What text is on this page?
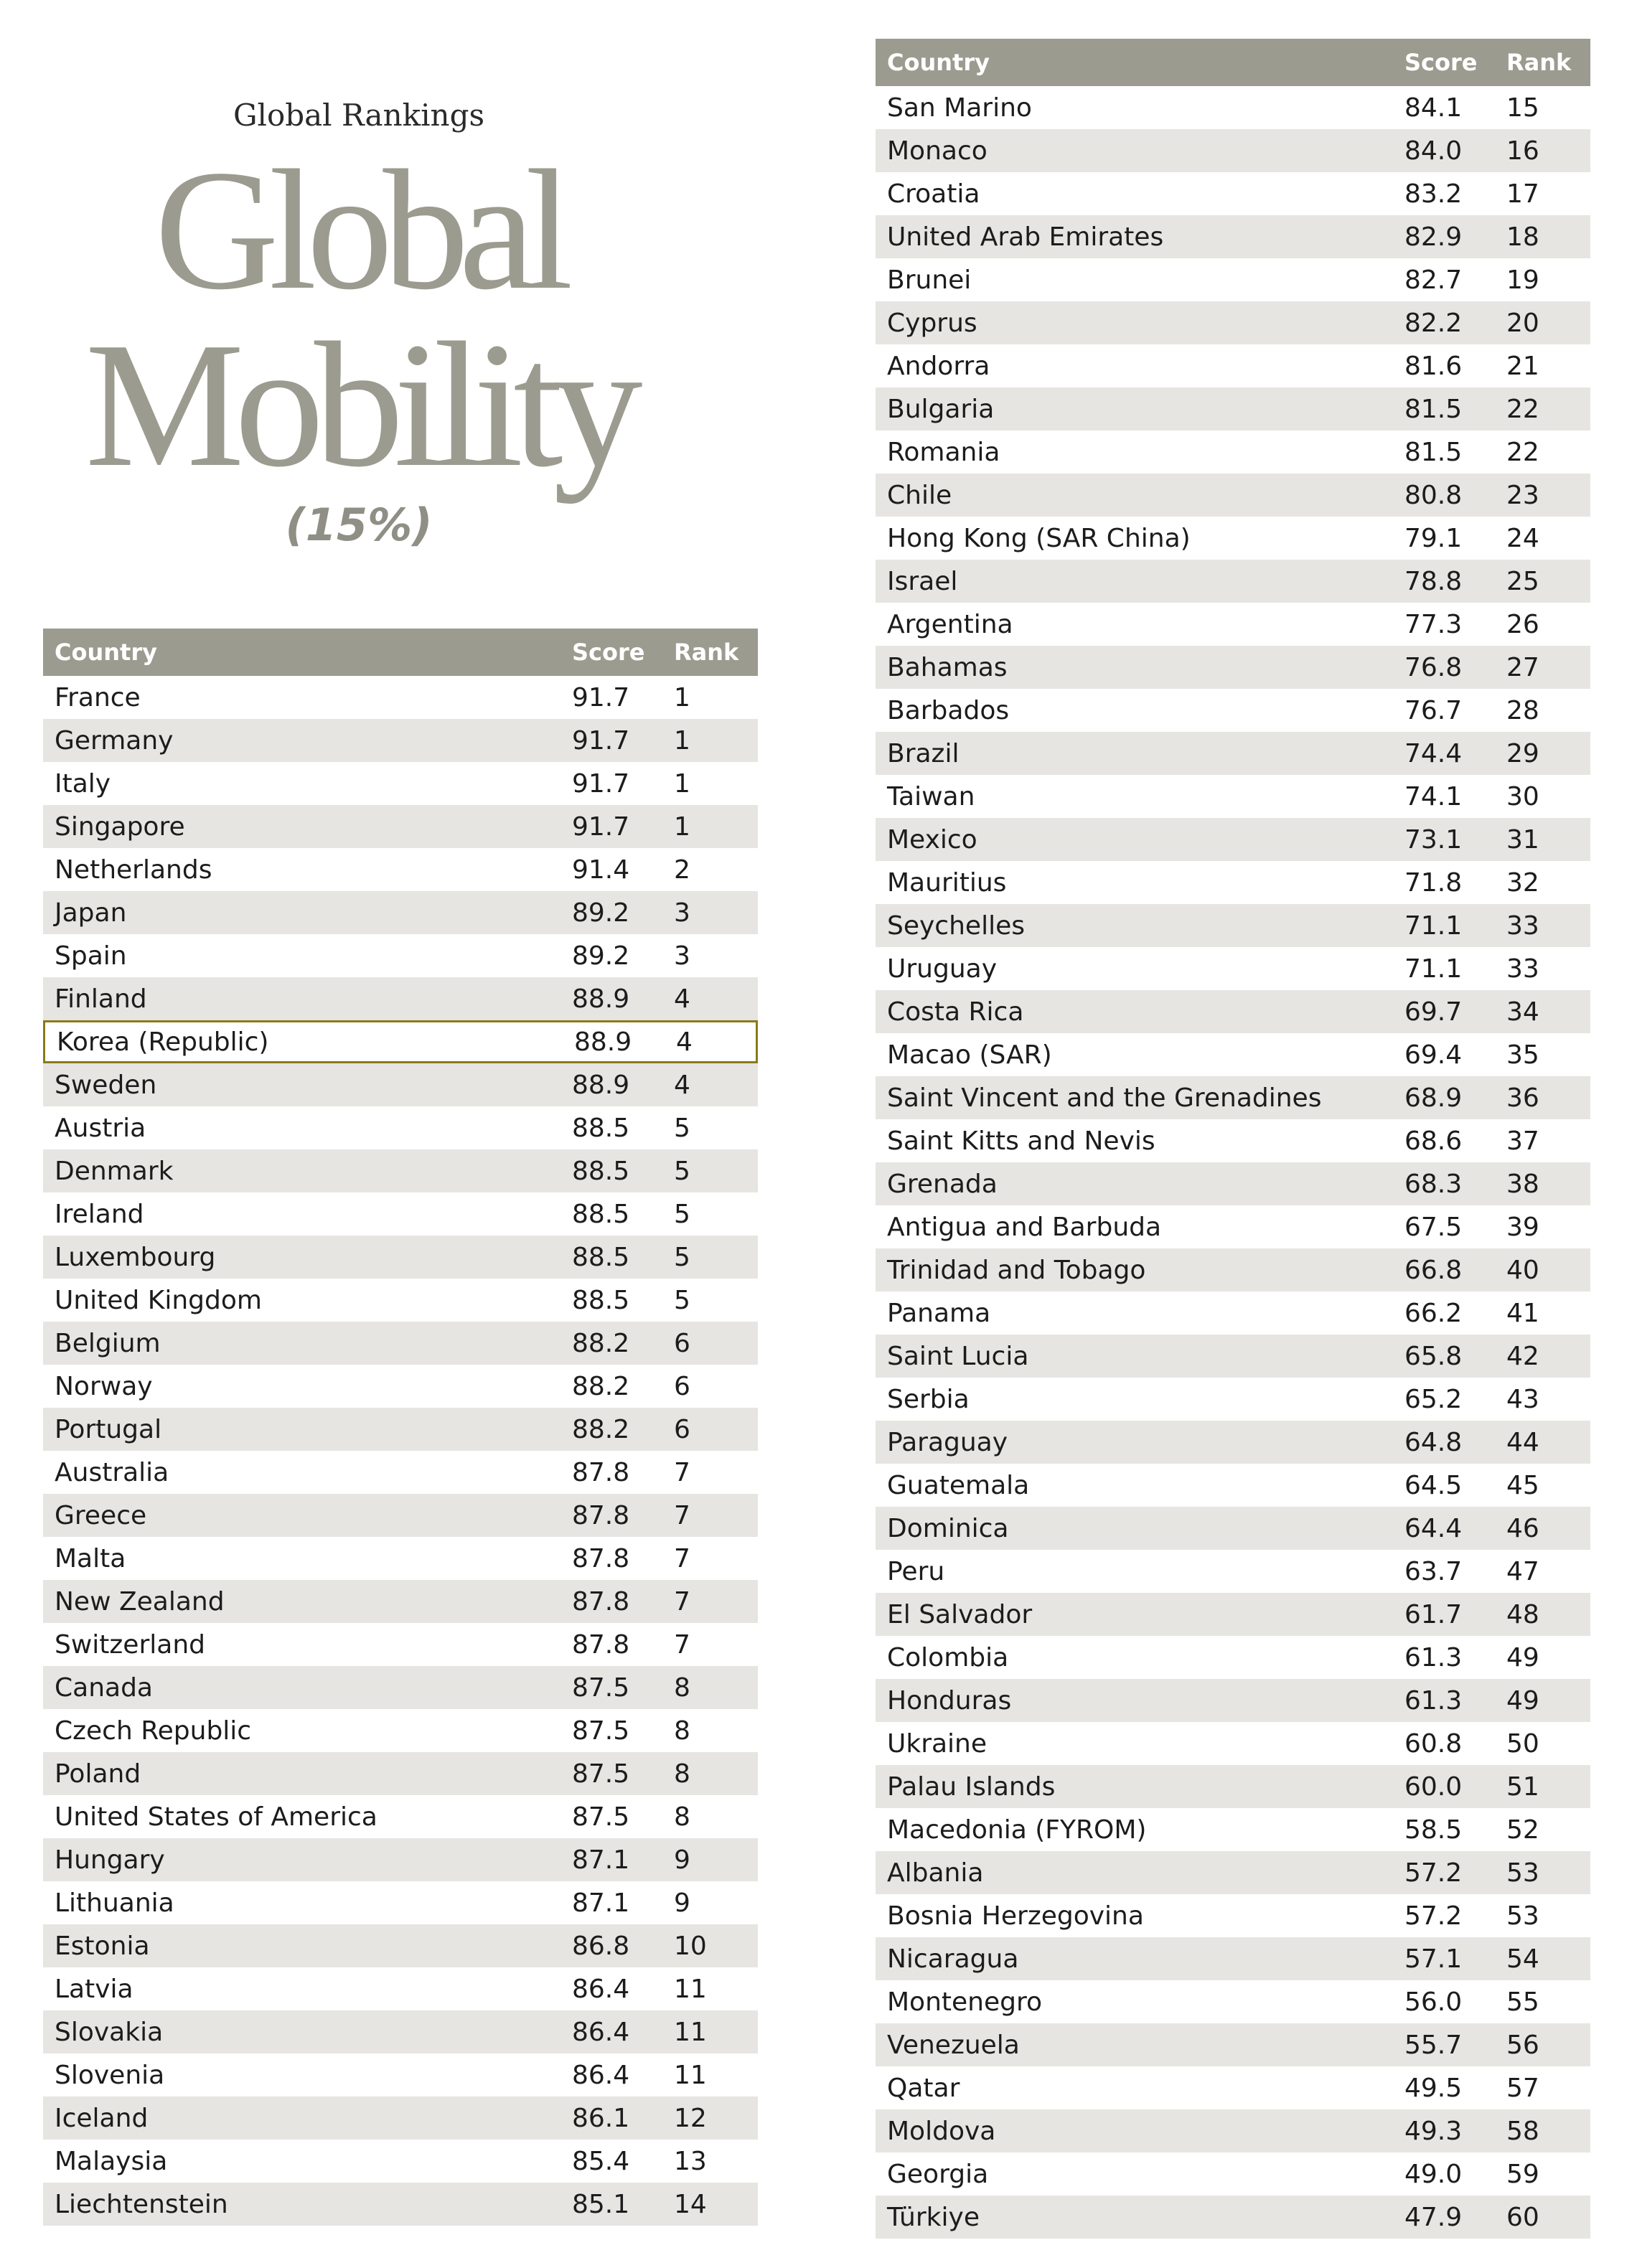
Global Rankings
Global
Mobility
(15%)
Country	Score	Rank
France	91.7	1
Germany	91.7	1
Italy	91.7	1
Singapore	91.7	1
Netherlands	91.4	2
Japan	89.2	3
Spain	89.2	3
Finland	88.9	4
Korea (Republic)	88.9	4
Sweden	88.9	4
Austria	88.5	5
Denmark	88.5	5
Ireland	88.5	5
Luxembourg	88.5	5
United Kingdom	88.5	5
Belgium	88.2	6
Norway	88.2	6
Portugal	88.2	6
Australia	87.8	7
Greece	87.8	7
Malta	87.8	7
New Zealand	87.8	7
Switzerland	87.8	7
Canada	87.5	8
Czech Republic	87.5	8
Poland	87.5	8
United States of America	87.5	8
Hungary	87.1	9
Lithuania	87.1	9
Estonia	86.8	10
Latvia	86.4	11
Slovakia	86.4	11
Slovenia	86.4	11
Iceland	86.1	12
Malaysia	85.4	13
Liechtenstein	85.1	14
Country	Score	Rank
San Marino	84.1	15
Monaco	84.0	16
Croatia	83.2	17
United Arab Emirates	82.9	18
Brunei	82.7	19
Cyprus	82.2	20
Andorra	81.6	21
Bulgaria	81.5	22
Romania	81.5	22
Chile	80.8	23
Hong Kong (SAR China)	79.1	24
Israel	78.8	25
Argentina	77.3	26
Bahamas	76.8	27
Barbados	76.7	28
Brazil	74.4	29
Taiwan	74.1	30
Mexico	73.1	31
Mauritius	71.8	32
Seychelles	71.1	33
Uruguay	71.1	33
Costa Rica	69.7	34
Macao (SAR)	69.4	35
Saint Vincent and the Grenadines	68.9	36
Saint Kitts and Nevis	68.6	37
Grenada	68.3	38
Antigua and Barbuda	67.5	39
Trinidad and Tobago	66.8	40
Panama	66.2	41
Saint Lucia	65.8	42
Serbia	65.2	43
Paraguay	64.8	44
Guatemala	64.5	45
Dominica	64.4	46
Peru	63.7	47
El Salvador	61.7	48
Colombia	61.3	49
Honduras	61.3	49
Ukraine	60.8	50
Palau Islands	60.0	51
Macedonia (FYROM)	58.5	52
Albania	57.2	53
Bosnia Herzegovina	57.2	53
Nicaragua	57.1	54
Montenegro	56.0	55
Venezuela	55.7	56
Qatar	49.5	57
Moldova	49.3	58
Georgia	49.0	59
Türkiye	47.9	60
